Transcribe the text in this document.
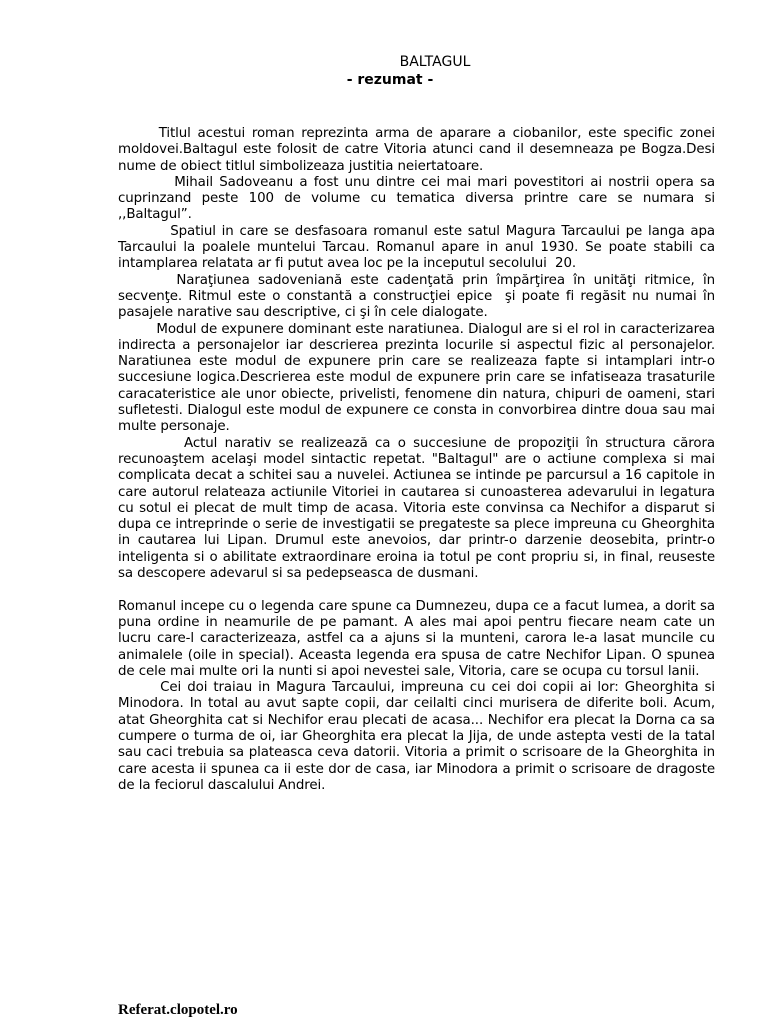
BALTAGUL
- rezumat -

Titlul acestui roman reprezinta arma de aparare a ciobanilor, este specific zonei moldovei.Baltagul este folosit de catre Vitoria atunci cand il desemneaza pe Bogza.Desi nume de obiect titlul simbolizeaza justitia neiertatoare.

Mihail Sadoveanu a fost unu dintre cei mai mari povestitori ai nostrii opera sa cuprinzand peste 100 de volume cu tematica diversa printre care se numara si ,,Baltagul”.

Spatiul in care se desfasoara romanul este satul Magura Tarcaului pe langa apa Tarcaului la poalele muntelui Tarcau. Romanul apare in anul 1930. Se poate stabili ca intamplarea relatata ar fi putut avea loc pe la inceputul secolului  20.

Naraţiunea sadoveniană este cadenţată prin împărţirea în unităţi ritmice, în secvenţe. Ritmul este o constantă a construcţiei epice  şi poate fi regăsit nu numai în pasajele narative sau descriptive, ci şi în cele dialogate.

Modul de expunere dominant este naratiunea. Dialogul are si el rol in caracterizarea indirecta a personajelor iar descrierea prezinta locurile si aspectul fizic al personajelor. Naratiunea este modul de expunere prin care se realizeaza fapte si intamplari intr-o succesiune logica.Descrierea este modul de expunere prin care se infatiseaza trasaturile caracateristice ale unor obiecte, privelisti, fenomene din natura, chipuri de oameni, stari sufletesti. Dialogul este modul de expunere ce consta in convorbirea dintre doua sau mai multe personaje.

Actul narativ se realizează ca o succesiune de propoziţii în structura cărora recunoaştem acelaşi model sintactic repetat. "Baltagul" are o actiune complexa si mai complicata decat a schitei sau a nuvelei. Actiunea se intinde pe parcursul a 16 capitole in care autorul relateaza actiunile Vitoriei in cautarea si cunoasterea adevarului in legatura cu sotul ei plecat de mult timp de acasa. Vitoria este convinsa ca Nechifor a disparut si dupa ce intreprinde o serie de investigatii se pregateste sa plece impreuna cu Gheorghita in cautarea lui Lipan. Drumul este anevoios, dar printr-o darzenie deosebita, printr-o inteligenta si o abilitate extraordinare eroina ia totul pe cont propriu si, in final, reuseste sa descopere adevarul si sa pedepseasca de dusmani.

Romanul incepe cu o legenda care spune ca Dumnezeu, dupa ce a facut lumea, a dorit sa puna ordine in neamurile de pe pamant. A ales mai apoi pentru fiecare neam cate un lucru care-l caracterizeaza, astfel ca a ajuns si la munteni, carora le-a lasat muncile cu animalele (oile in special). Aceasta legenda era spusa de catre Nechifor Lipan. O spunea de cele mai multe ori la nunti si apoi nevestei sale, Vitoria, care se ocupa cu torsul lanii.

Cei doi traiau in Magura Tarcaului, impreuna cu cei doi copii ai lor: Gheorghita si Minodora. In total au avut sapte copii, dar ceilalti cinci murisera de diferite boli. Acum, atat Gheorghita cat si Nechifor erau plecati de acasa... Nechifor era plecat la Dorna ca sa cumpere o turma de oi, iar Gheorghita era plecat la Jija, de unde astepta vesti de la tatal sau caci trebuia sa plateasca ceva datorii. Vitoria a primit o scrisoare de la Gheorghita in care acesta ii spunea ca ii este dor de casa, iar Minodora a primit o scrisoare de dragoste de la feciorul dascalului Andrei.

Referat.clopotel.ro
